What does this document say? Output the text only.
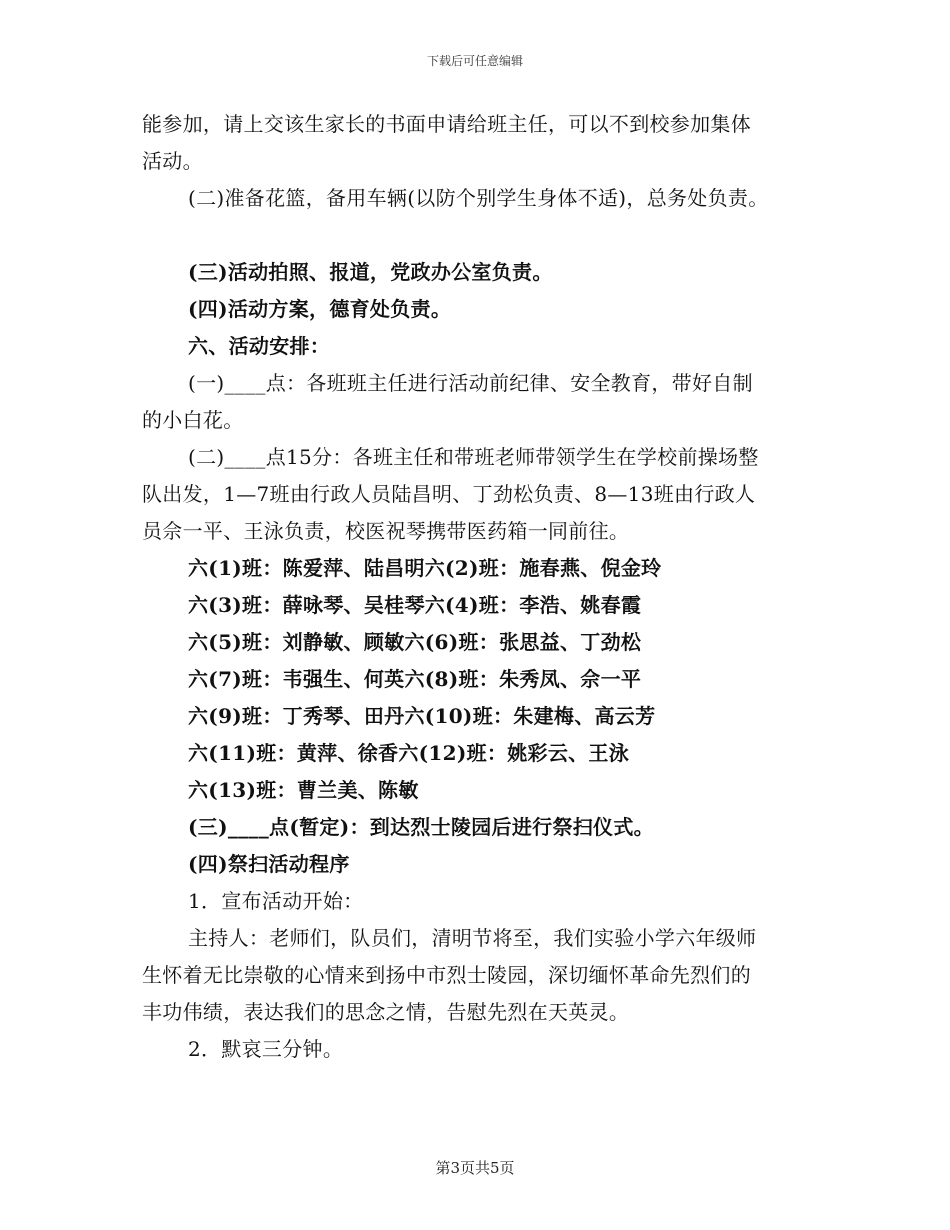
下载后可任意编辑
能参加，请上交该生家长的书面申请给班主任，可以不到校参加集体
活动。
(二)准备花篮，备用车辆(以防个别学生身体不适)，总务处负责。
(三)活动拍照、报道，党政办公室负责。
(四)活动方案，德育处负责。
六、活动安排：
(一)____点：各班班主任进行活动前纪律、安全教育，带好自制
的小白花。
(二)____点15分：各班主任和带班老师带领学生在学校前操场整
队出发，1—7班由行政人员陆昌明、丁劲松负责、8—13班由行政人
员佘一平、王泳负责，校医祝琴携带医药箱一同前往。
六(1)班：陈爱萍、陆昌明六(2)班：施春燕、倪金玲
六(3)班：薛咏琴、吴桂琴六(4)班：李浩、姚春霞
六(5)班：刘静敏、顾敏六(6)班：张思益、丁劲松
六(7)班：韦强生、何英六(8)班：朱秀凤、佘一平
六(9)班：丁秀琴、田丹六(10)班：朱建梅、高云芳
六(11)班：黄萍、徐香六(12)班：姚彩云、王泳
六(13)班：曹兰美、陈敏
(三)____点(暂定)：到达烈士陵园后进行祭扫仪式。
(四)祭扫活动程序
1．宣布活动开始：
主持人：老师们，队员们，清明节将至，我们实验小学六年级师
生怀着无比崇敬的心情来到扬中市烈士陵园，深切缅怀革命先烈们的
丰功伟绩，表达我们的思念之情，告慰先烈在天英灵。
2．默哀三分钟。
第3页共5页
